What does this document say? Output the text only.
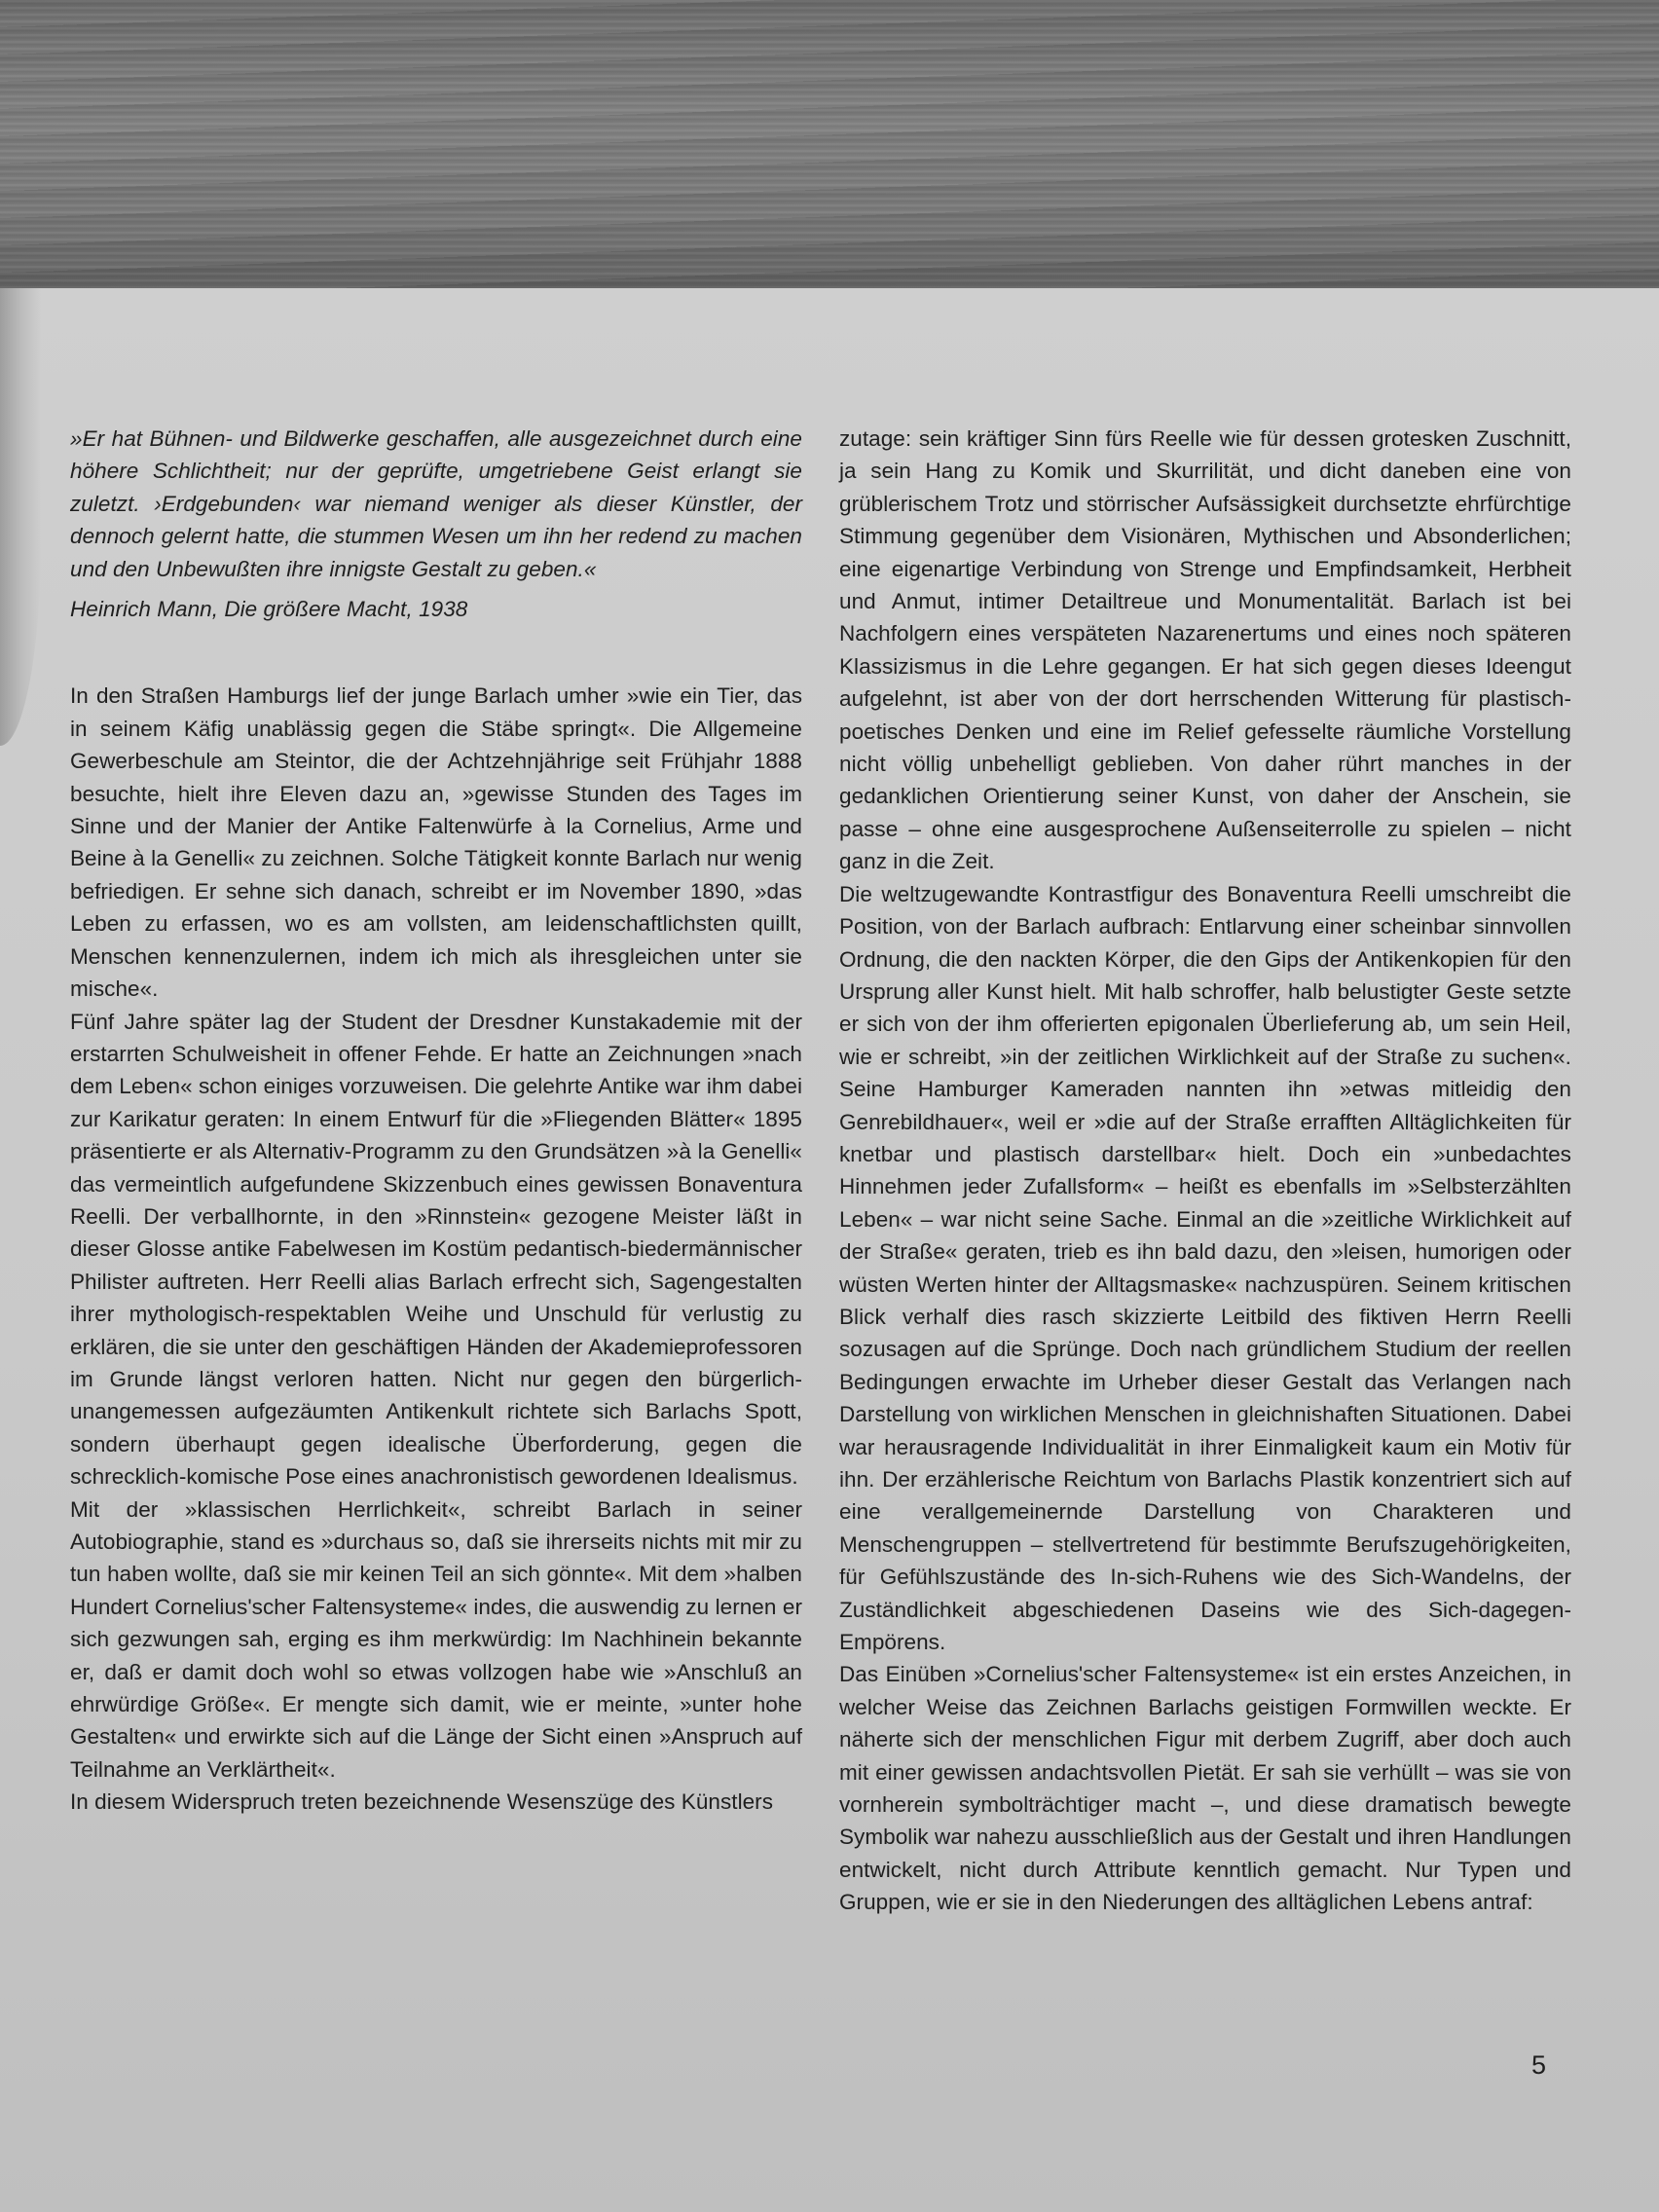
»Er hat Bühnen- und Bildwerke geschaffen, alle ausgezeichnet durch eine höhere Schlichtheit; nur der geprüfte, umgetriebene Geist erlangt sie zuletzt. ›Erdgebunden‹ war niemand weniger als dieser Künstler, der dennoch gelernt hatte, die stummen Wesen um ihn her redend zu machen und den Unbewußten ihre innigste Gestalt zu geben.«

Heinrich Mann, Die größere Macht, 1938

In den Straßen Hamburgs lief der junge Barlach umher »wie ein Tier, das in seinem Käfig unablässig gegen die Stäbe springt«. Die Allgemeine Gewerbeschule am Steintor, die der Achtzehnjährige seit Frühjahr 1888 besuchte, hielt ihre Eleven dazu an, »gewisse Stunden des Tages im Sinne und der Manier der Antike Faltenwürfe à la Cornelius, Arme und Beine à la Genelli« zu zeichnen. Solche Tätigkeit konnte Barlach nur wenig befriedigen. Er sehne sich danach, schreibt er im November 1890, »das Leben zu erfassen, wo es am vollsten, am leidenschaftlichsten quillt, Menschen kennenzulernen, indem ich mich als ihresgleichen unter sie mische«.

Fünf Jahre später lag der Student der Dresdner Kunstakademie mit der erstarrten Schulweisheit in offener Fehde. Er hatte an Zeichnungen »nach dem Leben« schon einiges vorzuweisen. Die gelehrte Antike war ihm dabei zur Karikatur geraten: In einem Entwurf für die »Fliegenden Blätter« 1895 präsentierte er als Alternativ-Programm zu den Grundsätzen »à la Genelli« das vermeintlich aufgefundene Skizzenbuch eines gewissen Bonaventura Reelli. Der verballhornte, in den »Rinnstein« gezogene Meister läßt in dieser Glosse antike Fabelwesen im Kostüm pedantisch-biedermännischer Philister auftreten. Herr Reelli alias Barlach erfrecht sich, Sagengestalten ihrer mythologisch-respektablen Weihe und Unschuld für verlustig zu erklären, die sie unter den geschäftigen Händen der Akademieprofessoren im Grunde längst verloren hatten. Nicht nur gegen den bürgerlich-unangemessen aufgezäumten Antikenkult richtete sich Barlachs Spott, sondern überhaupt gegen idealische Überforderung, gegen die schrecklich-komische Pose eines anachronistisch gewordenen Idealismus.

Mit der »klassischen Herrlichkeit«, schreibt Barlach in seiner Autobiographie, stand es »durchaus so, daß sie ihrerseits nichts mit mir zu tun haben wollte, daß sie mir keinen Teil an sich gönnte«. Mit dem »halben Hundert Cornelius'scher Faltensysteme« indes, die auswendig zu lernen er sich gezwungen sah, erging es ihm merkwürdig: Im Nachhinein bekannte er, daß er damit doch wohl so etwas vollzogen habe wie »Anschluß an ehrwürdige Größe«. Er mengte sich damit, wie er meinte, »unter hohe Gestalten« und erwirkte sich auf die Länge der Sicht einen »Anspruch auf Teilnahme an Verklärtheit«.

In diesem Widerspruch treten bezeichnende Wesenszüge des Künstlers

zutage: sein kräftiger Sinn fürs Reelle wie für dessen grotesken Zuschnitt, ja sein Hang zu Komik und Skurrilität, und dicht daneben eine von grüblerischem Trotz und störrischer Aufsässigkeit durchsetzte ehrfürchtige Stimmung gegenüber dem Visionären, Mythischen und Absonderlichen; eine eigenartige Verbindung von Strenge und Empfindsamkeit, Herbheit und Anmut, intimer Detailtreue und Monumentalität. Barlach ist bei Nachfolgern eines verspäteten Nazarenertums und eines noch späteren Klassizismus in die Lehre gegangen. Er hat sich gegen dieses Ideengut aufgelehnt, ist aber von der dort herrschenden Witterung für plastisch-poetisches Denken und eine im Relief gefesselte räumliche Vorstellung nicht völlig unbehelligt geblieben. Von daher rührt manches in der gedanklichen Orientierung seiner Kunst, von daher der Anschein, sie passe – ohne eine ausgesprochene Außenseiterrolle zu spielen – nicht ganz in die Zeit.

Die weltzugewandte Kontrastfigur des Bonaventura Reelli umschreibt die Position, von der Barlach aufbrach: Entlarvung einer scheinbar sinnvollen Ordnung, die den nackten Körper, die den Gips der Antikenkopien für den Ursprung aller Kunst hielt. Mit halb schroffer, halb belustigter Geste setzte er sich von der ihm offerierten epigonalen Überlieferung ab, um sein Heil, wie er schreibt, »in der zeitlichen Wirklichkeit auf der Straße zu suchen«. Seine Hamburger Kameraden nannten ihn »etwas mitleidig den Genrebildhauer«, weil er »die auf der Straße errafften Alltäglichkeiten für knetbar und plastisch darstellbar« hielt. Doch ein »unbedachtes Hinnehmen jeder Zufallsform« – heißt es ebenfalls im »Selbsterzählten Leben« – war nicht seine Sache. Einmal an die »zeitliche Wirklichkeit auf der Straße« geraten, trieb es ihn bald dazu, den »leisen, humorigen oder wüsten Werten hinter der Alltagsmaske« nachzuspüren. Seinem kritischen Blick verhalf dies rasch skizzierte Leitbild des fiktiven Herrn Reelli sozusagen auf die Sprünge. Doch nach gründlichem Studium der reellen Bedingungen erwachte im Urheber dieser Gestalt das Verlangen nach Darstellung von wirklichen Menschen in gleichnishaften Situationen. Dabei war herausragende Individualität in ihrer Einmaligkeit kaum ein Motiv für ihn. Der erzählerische Reichtum von Barlachs Plastik konzentriert sich auf eine verallgemeinernde Darstellung von Charakteren und Menschengruppen – stellvertretend für bestimmte Berufszugehörigkeiten, für Gefühlszustände des In-sich-Ruhens wie des Sich-Wandelns, der Zuständlichkeit abgeschiedenen Daseins wie des Sich-dagegen-Empörens.

Das Einüben »Cornelius'scher Faltensysteme« ist ein erstes Anzeichen, in welcher Weise das Zeichnen Barlachs geistigen Formwillen weckte. Er näherte sich der menschlichen Figur mit derbem Zugriff, aber doch auch mit einer gewissen andachtsvollen Pietät. Er sah sie verhüllt – was sie von vornherein symbolträchtiger macht –, und diese dramatisch bewegte Symbolik war nahezu ausschließlich aus der Gestalt und ihren Handlungen entwickelt, nicht durch Attribute kenntlich gemacht. Nur Typen und Gruppen, wie er sie in den Niederungen des alltäglichen Lebens antraf:

5
